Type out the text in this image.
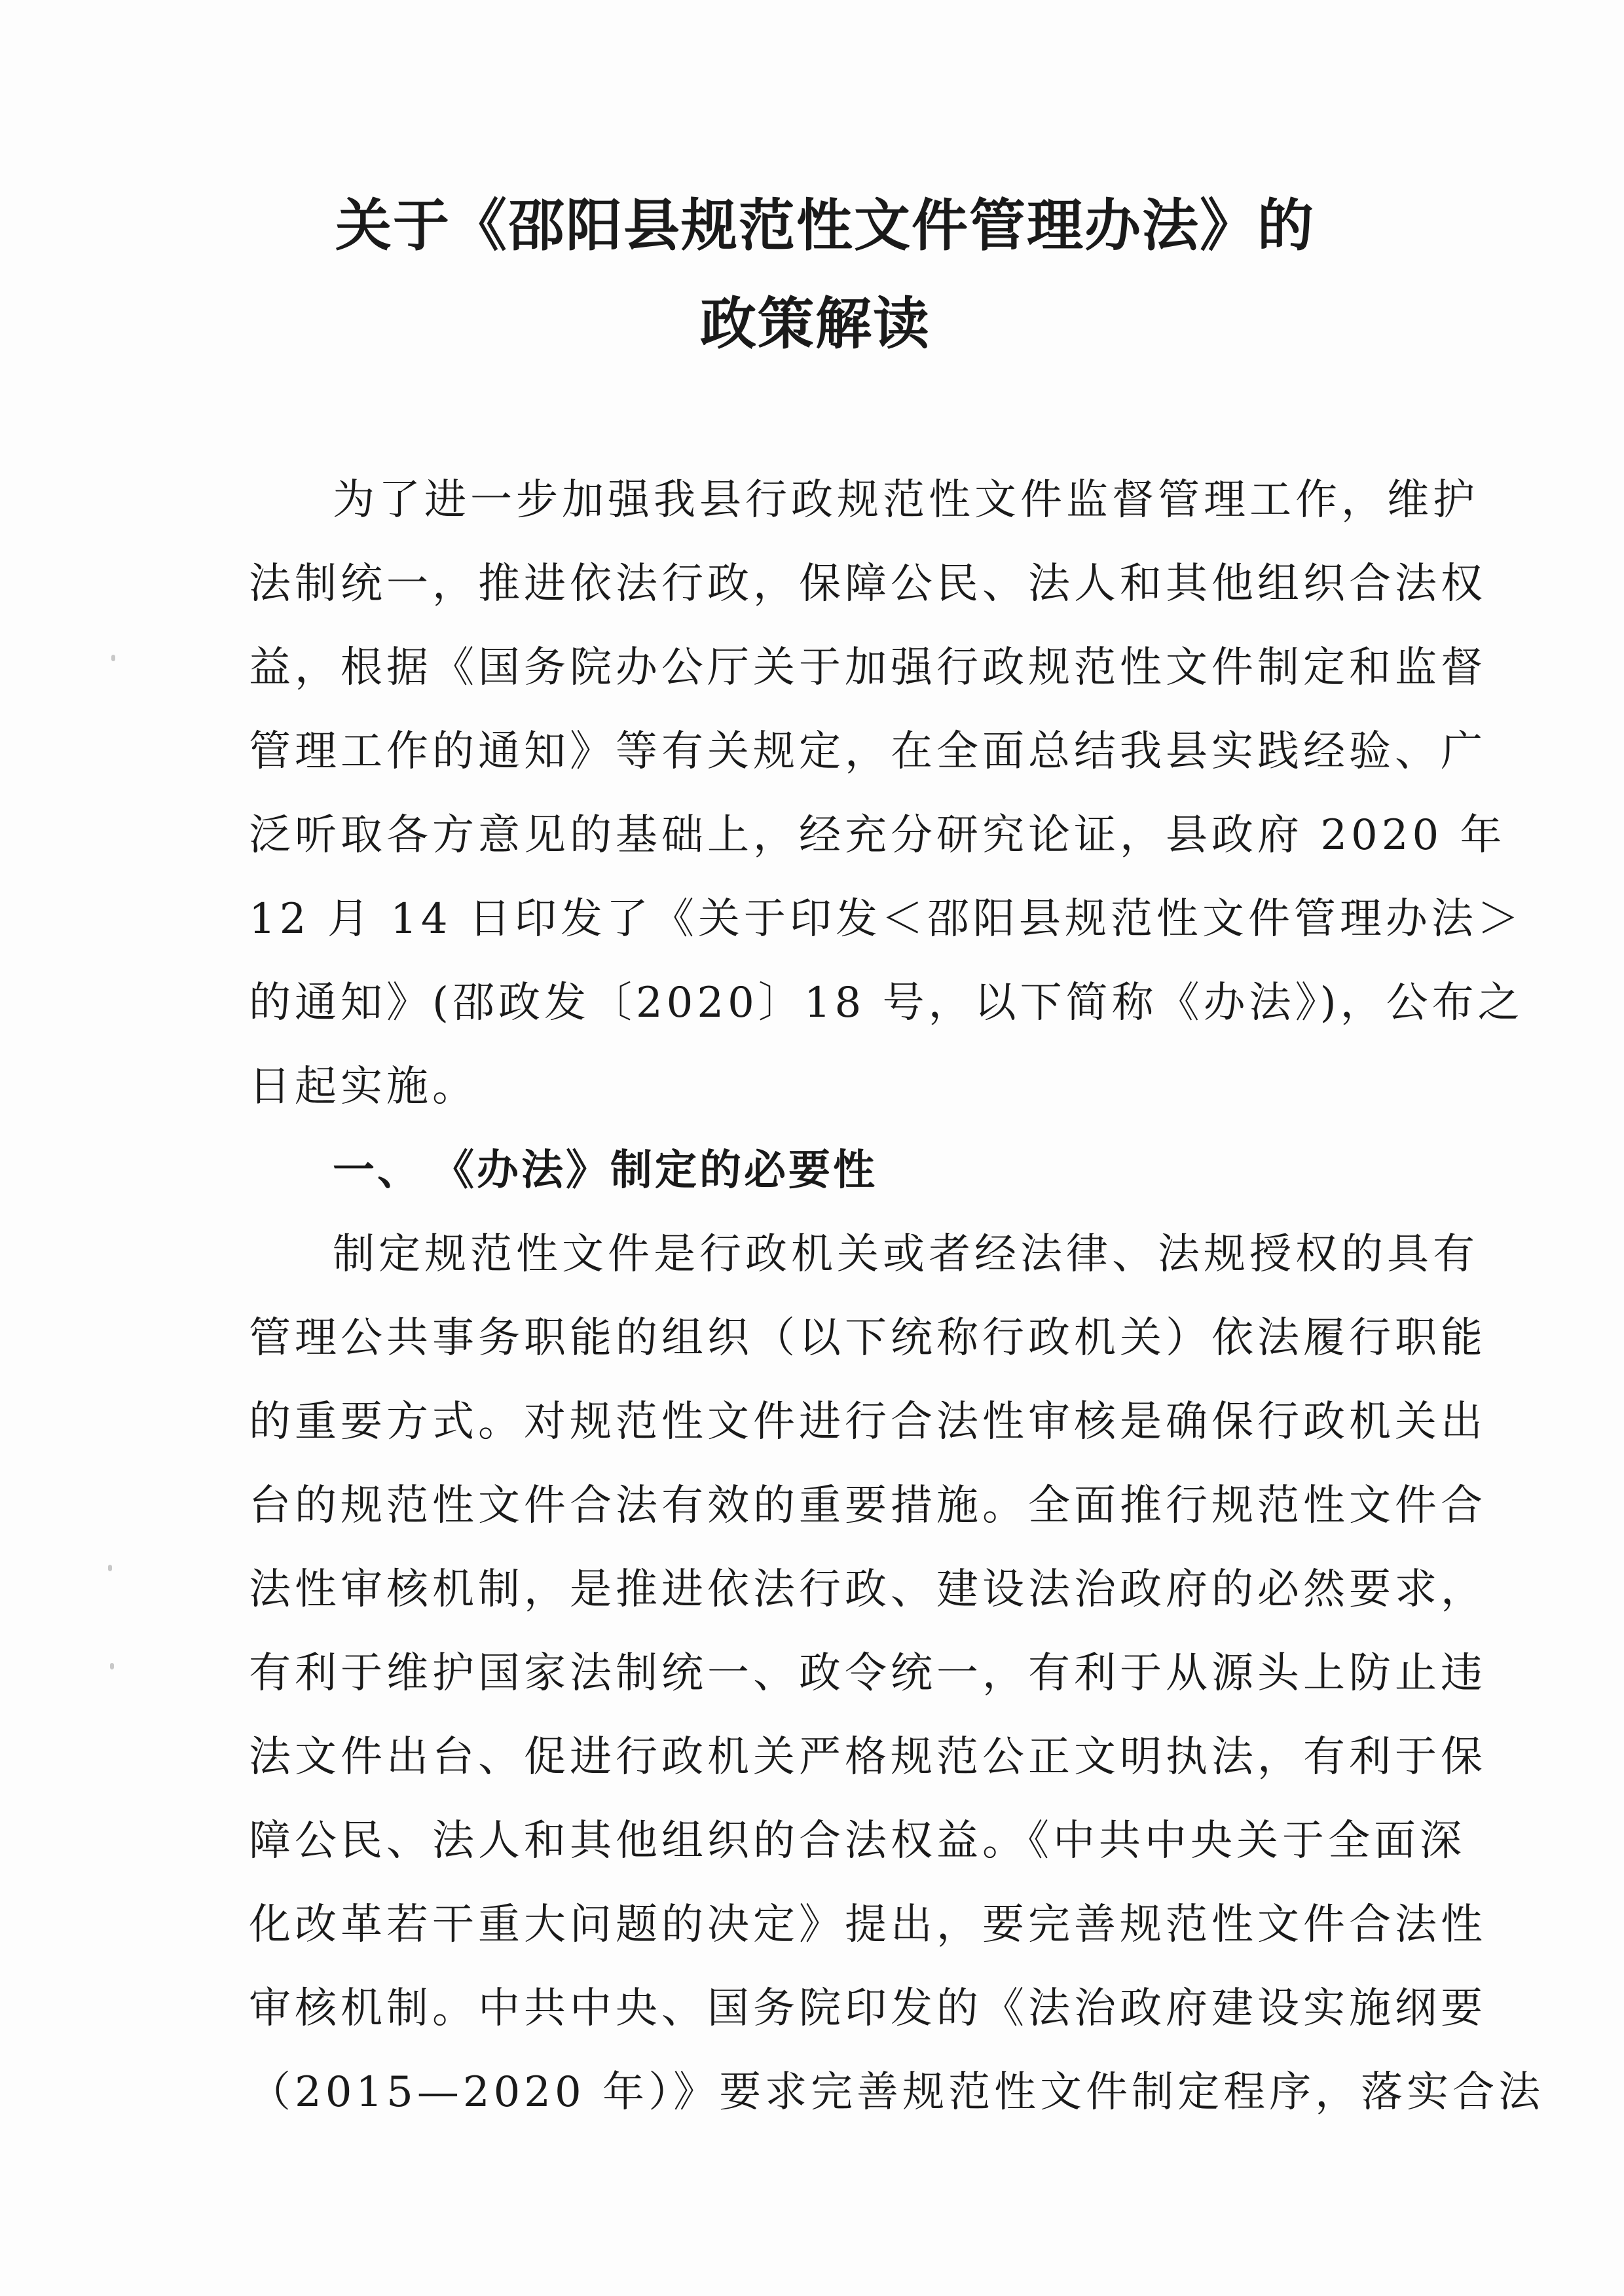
关于《邵阳县规范性文件管理办法》的
政策解读
为了进一步加强我县行政规范性文件监督管理工作，维护
法制统一，推进依法行政，保障公民、法人和其他组织合法权
益，根据《国务院办公厅关于加强行政规范性文件制定和监督
管理工作的通知》等有关规定，在全面总结我县实践经验、广
泛听取各方意见的基础上，经充分研究论证，县政府 2020 年
12 月 14 日印发了《关于印发＜邵阳县规范性文件管理办法＞
的通知》(邵政发〔2020〕18 号，以下简称《办法》)，公布之
日起实施。
一、 《办法》制定的必要性
制定规范性文件是行政机关或者经法律、法规授权的具有
管理公共事务职能的组织（以下统称行政机关）依法履行职能
的重要方式。对规范性文件进行合法性审核是确保行政机关出
台的规范性文件合法有效的重要措施。全面推行规范性文件合
法性审核机制，是推进依法行政、建设法治政府的必然要求，
有利于维护国家法制统一、政令统一，有利于从源头上防止违
法文件出台、促进行政机关严格规范公正文明执法，有利于保
障公民、法人和其他组织的合法权益。《中共中央关于全面深
化改革若干重大问题的决定》提出，要完善规范性文件合法性
审核机制。中共中央、国务院印发的《法治政府建设实施纲要
（2015—2020 年）》要求完善规范性文件制定程序，落实合法
